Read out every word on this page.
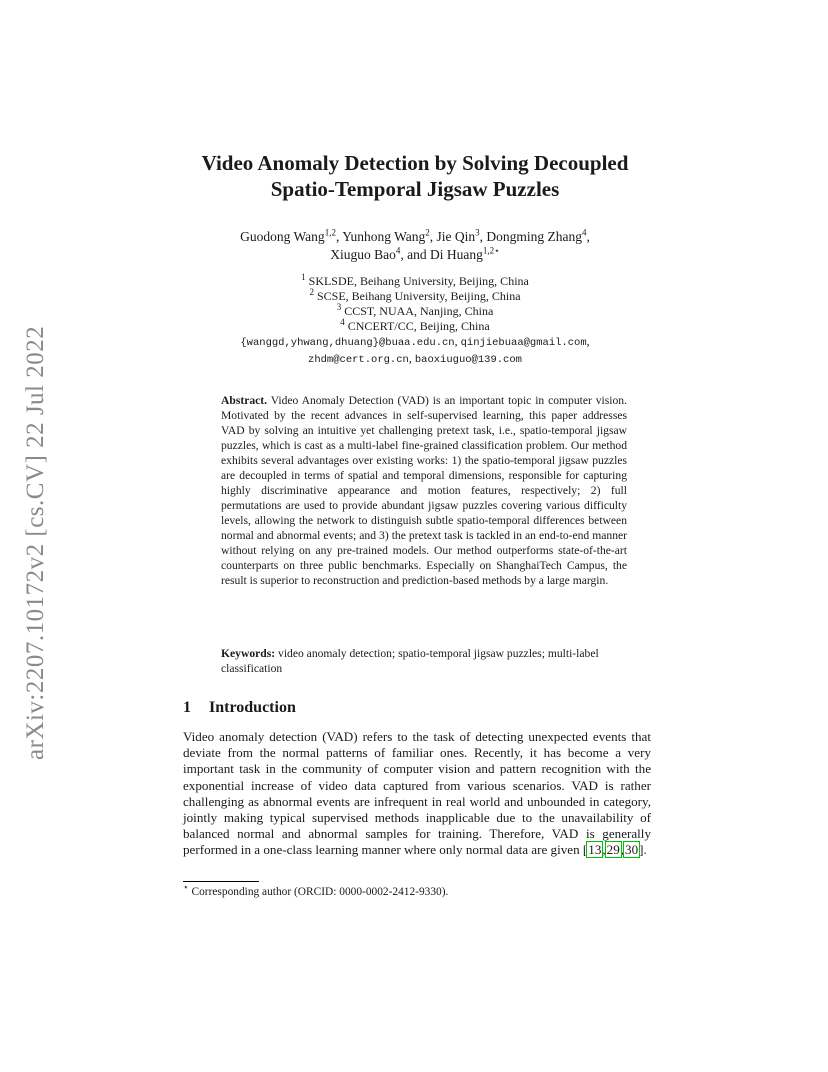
arXiv:2207.10172v2 [cs.CV] 22 Jul 2022
Video Anomaly Detection by Solving Decoupled
Spatio-Temporal Jigsaw Puzzles
Guodong Wang$^{1,2}$, Yunhong Wang$^2$, Jie Qin$^3$, Dongming Zhang$^4$,
Xiuguo Bao$^4$, and Di Huang$^{1,2⋆}$
$^1$ SKLSDE, Beihang University, Beijing, China
$^2$ SCSE, Beihang University, Beijing, China
$^3$ CCST, NUAA, Nanjing, China
$^4$ CNCERT/CC, Beijing, China
{wanggd,yhwang,dhuang}@buaa.edu.cn, qinjiebuaa@gmail.com,
zhdm@cert.org.cn, baoxiuguo@139.com
Abstract. Video Anomaly Detection (VAD) is an important topic in computer vision. Motivated by the recent advances in self-supervised learning, this paper addresses VAD by solving an intuitive yet challenging pretext task, i.e., spatio-temporal jigsaw puzzles, which is cast as a multi-label fine-grained classification problem. Our method exhibits several advantages over existing works: 1) the spatio-temporal jigsaw puzzles are decoupled in terms of spatial and temporal dimensions, responsible for capturing highly discriminative appearance and motion features, respectively; 2) full permutations are used to provide abundant jigsaw puzzles covering various difficulty levels, allowing the network to distinguish subtle spatio-temporal differences between normal and abnormal events; and 3) the pretext task is tackled in an end-to-end manner without relying on any pre-trained models. Our method outperforms state-of-the-art counterparts on three public benchmarks. Especially on ShanghaiTech Campus, the result is superior to reconstruction and prediction-based methods by a large margin.
Keywords: video anomaly detection; spatio-temporal jigsaw puzzles; multi-label classification
1 Introduction
Video anomaly detection (VAD) refers to the task of detecting unexpected events that deviate from the normal patterns of familiar ones. Recently, it has become a very important task in the community of computer vision and pattern recognition with the exponential increase of video data captured from various scenarios. VAD is rather challenging as abnormal events are infrequent in real world and unbounded in category, jointly making typical supervised methods inapplicable due to the unavailability of balanced normal and abnormal samples for training. Therefore, VAD is generally performed in a one-class learning manner where only normal data are given [13,29,30].
⋆ Corresponding author (ORCID: 0000-0002-2412-9330).
